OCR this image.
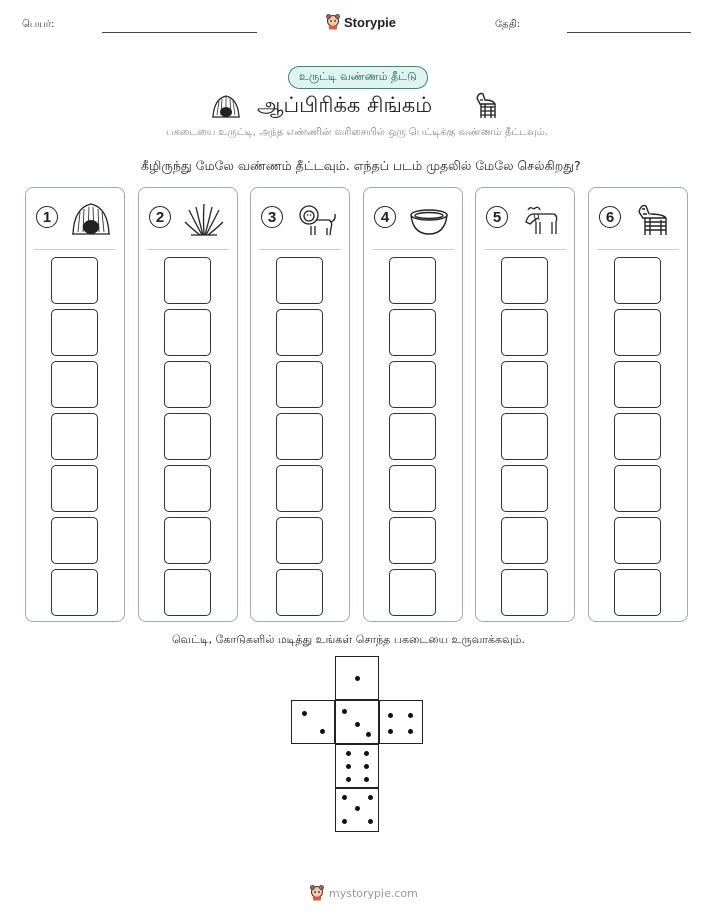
பெயர்:	Storypie	தேதி:
உருட்டி வண்ணம் தீட்டு
ஆப்பிரிக்க சிங்கம்
பகடையை உருட்டி, அந்த எண்ணின் வரிசையில் ஒரு பெட்டிக்கு வண்ணம் தீட்டவும்.
கீழிருந்து மேலே வண்ணம் தீட்டவும். எந்தப் படம் முதலில் மேலே செல்கிறது?
1	2	3	4	5	6
வெட்டி, கோடுகளில் மடித்து உங்கள் சொந்த பகடையை உருவாக்கவும்.
mystorypie.com
